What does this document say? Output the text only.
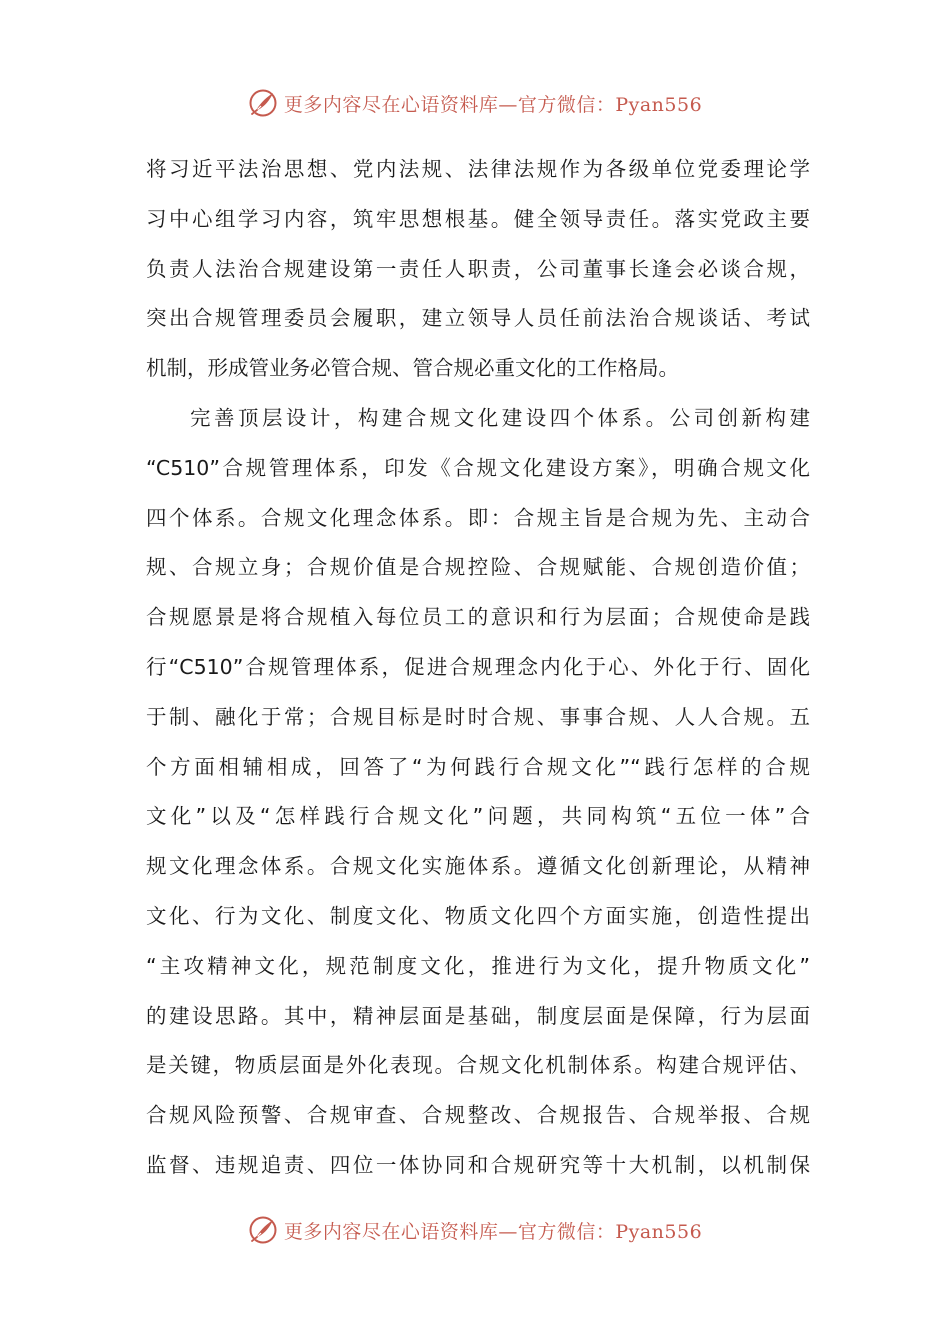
更多内容尽在心语资料库—官方微信：Pyan556
将习近平法治思想、党内法规、法律法规作为各级单位党委理论学
习中心组学习内容，筑牢思想根基。健全领导责任。落实党政主要
负责人法治合规建设第一责任人职责，公司董事长逢会必谈合规，
突出合规管理委员会履职，建立领导人员任前法治合规谈话、考试
机制，形成管业务必管合规、管合规必重文化的工作格局。
完善顶层设计，构建合规文化建设四个体系。公司创新构建
“C510”合规管理体系，印发《合规文化建设方案》，明确合规文化
四个体系。合规文化理念体系。即：合规主旨是合规为先、主动合
规、合规立身；合规价值是合规控险、合规赋能、合规创造价值；
合规愿景是将合规植入每位员工的意识和行为层面；合规使命是践
行“C510”合规管理体系，促进合规理念内化于心、外化于行、固化
于制、融化于常；合规目标是时时合规、事事合规、人人合规。五
个方面相辅相成，回答了“为何践行合规文化”“践行怎样的合规
文化”以及“怎样践行合规文化”问题，共同构筑“五位一体”合
规文化理念体系。合规文化实施体系。遵循文化创新理论，从精神
文化、行为文化、制度文化、物质文化四个方面实施，创造性提出
“主攻精神文化，规范制度文化，推进行为文化，提升物质文化”
的建设思路。其中，精神层面是基础，制度层面是保障，行为层面
是关键，物质层面是外化表现。合规文化机制体系。构建合规评估、
合规风险预警、合规审查、合规整改、合规报告、合规举报、合规
监督、违规追责、四位一体协同和合规研究等十大机制，以机制保
更多内容尽在心语资料库—官方微信：Pyan556
